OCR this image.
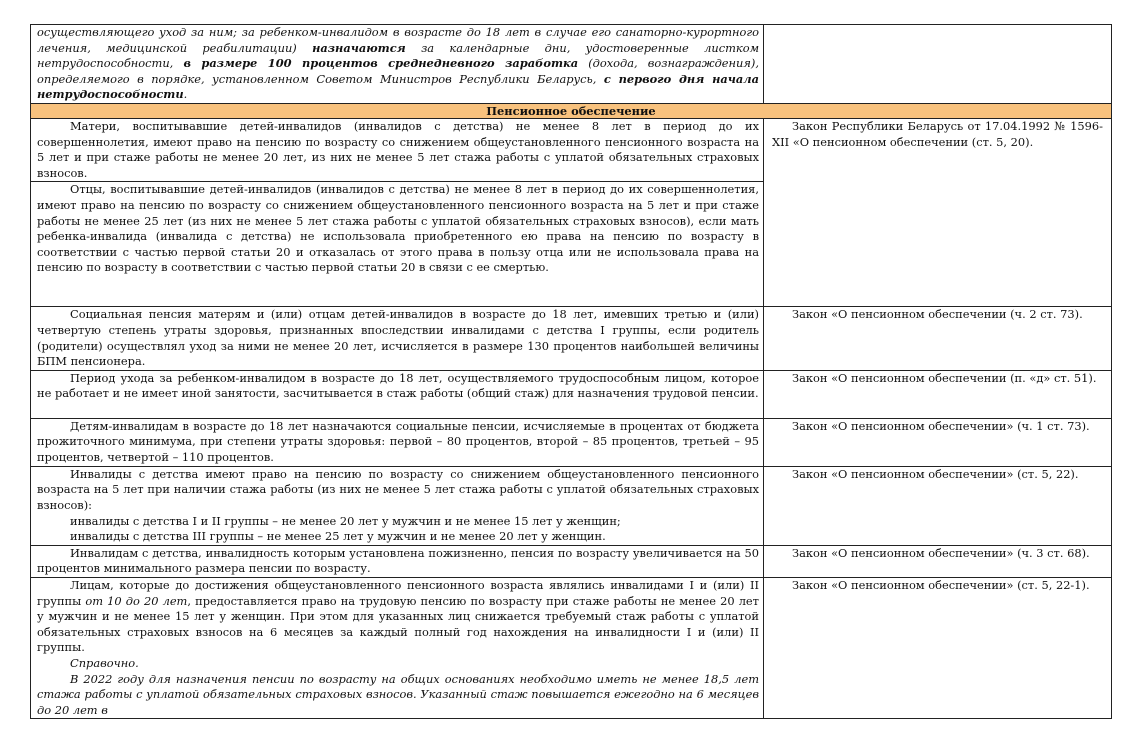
осуществляющего уход за ним; за ребенком-инвалидом в возрасте до 18 лет в случае его санаторно-курортного лечения, медицинской реабилитации) назначаются за календарные дни, удостоверенные листком нетрудоспособности, в размере 100 процентов среднедневного заработка (дохода, вознаграждения), определяемого в порядке, установленном Советом Министров Республики Беларусь, с первого дня начала нетрудоспособности.	

Пенсионное обеспечение	

Матери, воспитывавшие детей-инвалидов (инвалидов с детства) не менее 8 лет в период до их совершеннолетия, имеют право на пенсию по возрасту со снижением общеустановленного пенсионного возраста на 5 лет и при стаже работы не менее 20 лет, из них не менее 5 лет стажа работы с уплатой обязательных страховых взносов.	Закон Республики Беларусь от 17.04.1992 № 1596-XII «О пенсионном обеспечении (ст. 5, 20).

Отцы, воспитывавшие детей-инвалидов (инвалидов с детства) не менее 8 лет в период до их совершеннолетия, имеют право на пенсию по возрасту со снижением общеустановленного пенсионного возраста на 5 лет и при стаже работы не менее 25 лет (из них не менее 5 лет стажа работы с уплатой обязательных страховых взносов), если мать ребенка-инвалида (инвалида с детства) не использовала приобретенного ею права на пенсию по возрасту в соответствии с частью первой статьи 20 и отказалась от этого права в пользу отца или не использовала права на пенсию по возрасту в соответствии с частью первой статьи 20 в связи с ее смертью.	

Социальная пенсия матерям и (или) отцам детей-инвалидов в возрасте до 18 лет, имевших третью и (или) четвертую степень утраты здоровья, признанных впоследствии инвалидами с детства I группы, если родитель (родители) осуществлял уход за ними не менее 20 лет, исчисляется в размере 130 процентов наибольшей величины БПМ пенсионера.	Закон «О пенсионном обеспечении (ч. 2 ст. 73).

Период ухода за ребенком-инвалидом в возрасте до 18 лет, осуществляемого трудоспособным лицом, которое не работает и не имеет иной занятости, засчитывается в стаж работы (общий стаж) для назначения трудовой пенсии.	Закон «О пенсионном обеспечении (п. «д» ст. 51).

Детям-инвалидам в возрасте до 18 лет назначаются социальные пенсии, исчисляемые в процентах от бюджета прожиточного минимума, при степени утраты здоровья: первой – 80 процентов, второй – 85 процентов, третьей – 95 процентов, четвертой – 110 процентов.	Закон «О пенсионном обеспечении» (ч. 1 ст. 73).

Инвалиды с детства имеют право на пенсию по возрасту со снижением общеустановленного пенсионного возраста на 5 лет при наличии стажа работы (из них не менее 5 лет стажа работы с уплатой обязательных страховых взносов):

инвалиды с детства I и II группы – не менее 20 лет у мужчин и не менее 15 лет у женщин;
инвалиды с детства III группы – не менее 25 лет у мужчин и не менее 20 лет у женщин.	Закон «О пенсионном обеспечении» (ст. 5, 22).

Инвалидам с детства, инвалидность которым установлена пожизненно, пенсия по возрасту увеличивается на 50 процентов минимального размера пенсии по возрасту.	Закон «О пенсионном обеспечении» (ч. 3 ст. 68).

Лицам, которые до достижения общеустановленного пенсионного возраста являлись инвалидами I и (или) II группы от 10 до 20 лет, предоставляется право на трудовую пенсию по возрасту при стаже работы не менее 20 лет у мужчин и не менее 15 лет у женщин. При этом для указанных лиц снижается требуемый стаж работы с уплатой обязательных страховых взносов на 6 месяцев за каждый полный год нахождения на инвалидности I и (или) II группы.

Справочно.

В 2022 году для назначения пенсии по возрасту на общих основаниях необходимо иметь не менее 18,5 лет стажа работы с уплатой обязательных страховых взносов. Указанный стаж повышается ежегодно на 6 месяцев до 20 лет в	Закон «О пенсионном обеспечении» (ст. 5, 22-1).
